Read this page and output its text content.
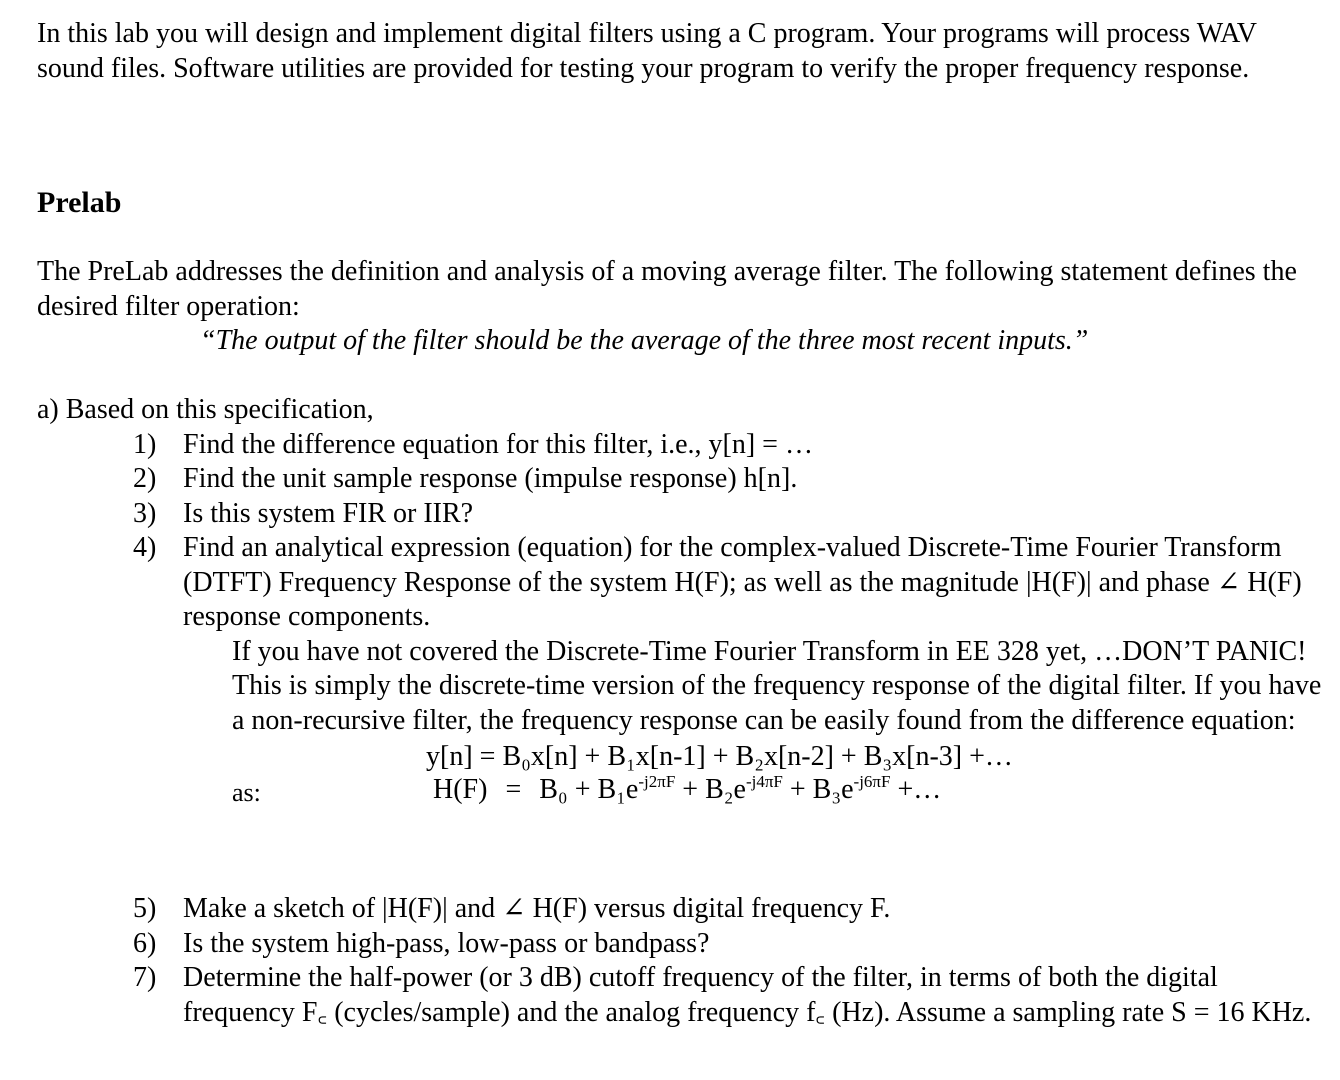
In this lab you will design and implement digital filters using a C program. Your programs will process WAV sound files. Software utilities are provided for testing your program to verify the proper frequency response.

Prelab

The PreLab addresses the definition and analysis of a moving average filter. The following statement defines the desired filter operation:

“The output of the filter should be the average of the three most recent inputs.”

a) Based on this specification,
1) Find the difference equation for this filter, i.e., y[n] = …
2) Find the unit sample response (impulse response) h[n].
3) Is this system FIR or IIR?
4) Find an analytical expression (equation) for the complex-valued Discrete-Time Fourier Transform (DTFT) Frequency Response of the system H(F); as well as the magnitude |H(F)| and phase ∠ H(F) response components.
If you have not covered the Discrete-Time Fourier Transform in EE 328 yet, …DON’T PANIC! This is simply the discrete-time version of the frequency response of the digital filter. If you have a non-recursive filter, the frequency response can be easily found from the difference equation:
y[n] = B₀x[n] + B₁x[n-1] + B₂x[n-2] + B₃x[n-3] +…
as:	$H(F) = B_0 + B_1e^{-j2\pi F} + B_2e^{-j4\pi F} + B_3e^{-j6\pi F}$ +…
5) Make a sketch of |H(F)| and ∠ H(F) versus digital frequency F.
6) Is the system high-pass, low-pass or bandpass?
7) Determine the half-power (or 3 dB) cutoff frequency of the filter, in terms of both the digital frequency F꜀ (cycles/sample) and the analog frequency f꜀ (Hz). Assume a sampling rate S = 16 KHz.
